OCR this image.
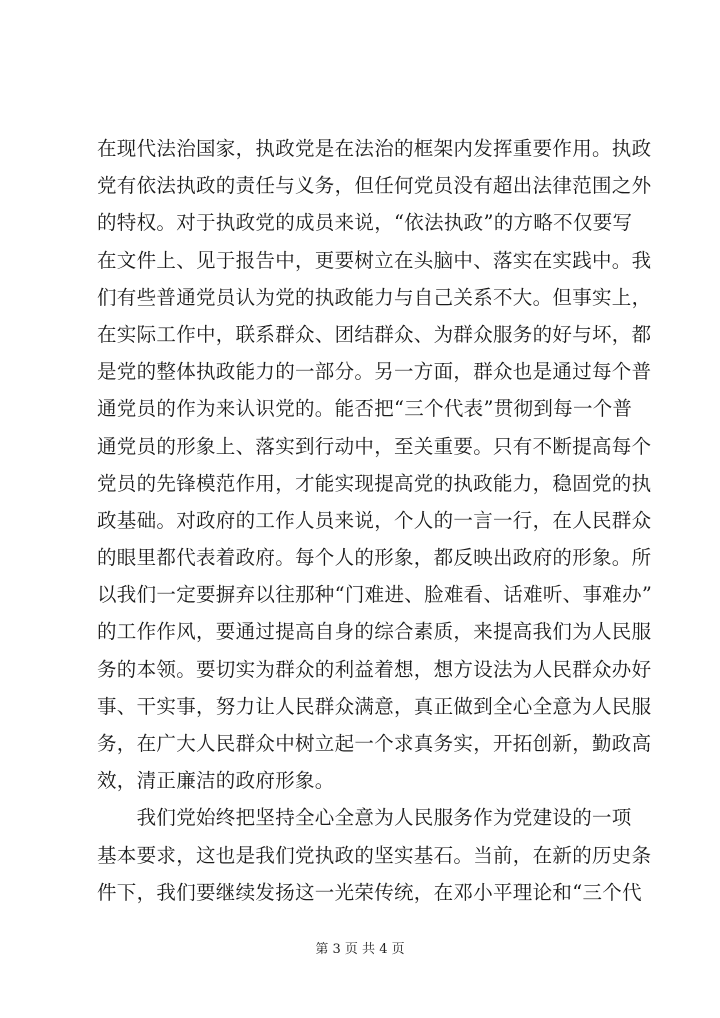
在现代法治国家，执政党是在法治的框架内发挥重要作用。执政
党有依法执政的责任与义务，但任何党员没有超出法律范围之外
的特权。对于执政党的成员来说，“依法执政”的方略不仅要写
在文件上、见于报告中，更要树立在头脑中、落实在实践中。我
们有些普通党员认为党的执政能力与自己关系不大。但事实上，
在实际工作中，联系群众、团结群众、为群众服务的好与坏，都
是党的整体执政能力的一部分。另一方面，群众也是通过每个普
通党员的作为来认识党的。能否把“三个代表”贯彻到每一个普
通党员的形象上、落实到行动中，至关重要。只有不断提高每个
党员的先锋模范作用，才能实现提高党的执政能力，稳固党的执
政基础。对政府的工作人员来说，个人的一言一行，在人民群众
的眼里都代表着政府。每个人的形象，都反映出政府的形象。所
以我们一定要摒弃以往那种“门难进、脸难看、话难听、事难办”
的工作作风，要通过提高自身的综合素质，来提高我们为人民服
务的本领。要切实为群众的利益着想，想方设法为人民群众办好
事、干实事，努力让人民群众满意，真正做到全心全意为人民服
务，在广大人民群众中树立起一个求真务实，开拓创新，勤政高
效，清正廉洁的政府形象。
　　我们党始终把坚持全心全意为人民服务作为党建设的一项
基本要求，这也是我们党执政的坚实基石。当前，在新的历史条
件下，我们要继续发扬这一光荣传统，在邓小平理论和“三个代
第 3 页 共 4 页
